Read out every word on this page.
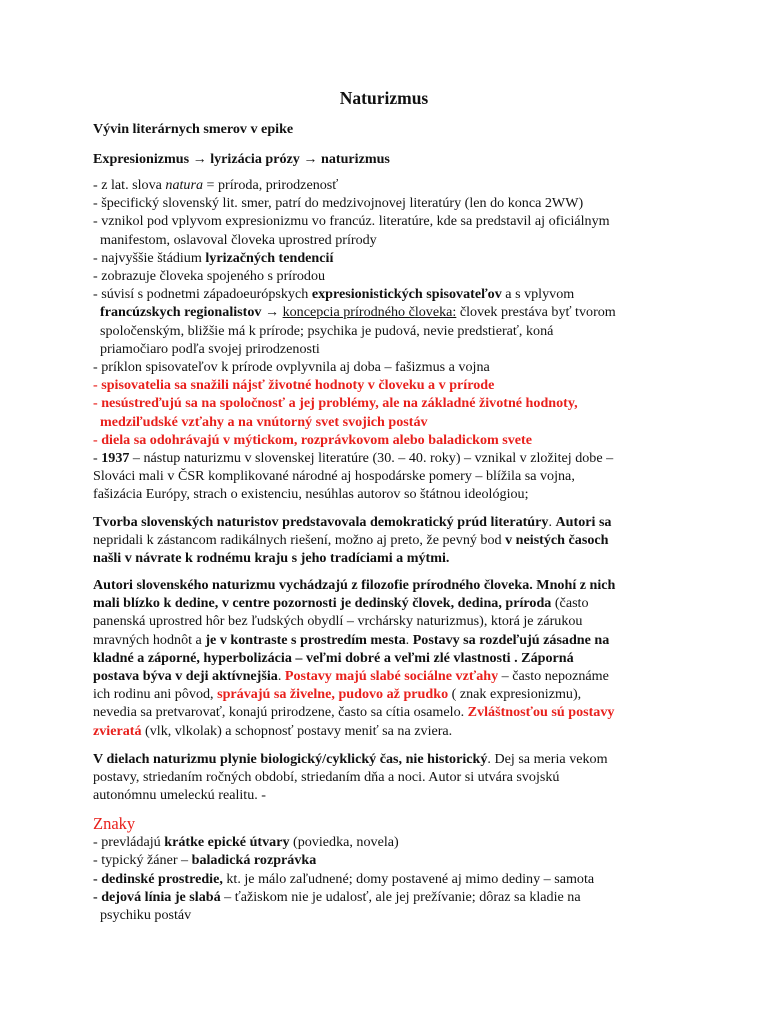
Naturizmus
Vývin literárnych smerov v epike
Expresionizmus → lyrizácia prózy → naturizmus
- z lat. slova natura = príroda, prirodzenosť
- špecifický slovenský lit. smer, patrí do medzivojnovej literatúry (len do konca 2WW)
- vznikol pod vplyvom expresionizmu vo francúz. literatúre, kde sa predstavil aj oficiálnym
manifestom, oslavoval človeka uprostred prírody
- najvyššie štádium lyrizačných tendencií
- zobrazuje človeka spojeného s prírodou
- súvisí s podnetmi západoeurópskych expresionistických spisovateľov a s vplyvom
francúzskych regionalistov → koncepcia prírodného človeka: človek prestáva byť tvorom
spoločenským, bližšie má k prírode; psychika je pudová, nevie predstierať, koná
priamočiaro podľa svojej prirodzenosti
- príklon spisovateľov k prírode ovplyvnila aj doba – fašizmus a vojna
- spisovatelia sa snažili nájsť životné hodnoty v človeku a v prírode
- nesústreďujú sa na spoločnosť a jej problémy, ale na základné životné hodnoty,
medziľudské vzťahy a na vnútorný svet svojich postáv
- diela sa odohrávajú v mýtickom, rozprávkovom alebo baladickom svete
- 1937 – nástup naturizmu v slovenskej literatúre (30. – 40. roky) – vznikal v zložitej dobe –
Slováci mali v ČSR komplikované národné aj hospodárske pomery – blížila sa vojna,
fašizácia Európy, strach o existenciu, nesúhlas autorov so štátnou ideológiou;
Tvorba slovenských naturistov predstavovala demokratický prúd literatúry. Autori sa
nepridali k zástancom radikálnych riešení, možno aj preto, že pevný bod v neistých časoch
našli v návrate k rodnému kraju s jeho tradíciami a mýtmi.
Autori slovenského naturizmu vychádzajú z filozofie prírodného človeka. Mnohí z nich
mali blízko k dedine, v centre pozornosti je dedinský človek, dedina, príroda (často
panenská uprostred hôr bez ľudských obydlí – vrchársky naturizmus), ktorá je zárukou
mravných hodnôt a je v kontraste s prostredím mesta. Postavy sa rozdeľujú zásadne na
kladné a záporné, hyperbolizácia – veľmi dobré a veľmi zlé vlastnosti . Záporná
postava býva v deji aktívnejšia. Postavy majú slabé sociálne vzťahy – často nepoznáme
ich rodinu ani pôvod, správajú sa živelne, pudovo až prudko ( znak expresionizmu),
nevedia sa pretvarovať, konajú prirodzene, často sa cítia osamelo. Zvláštnosťou sú postavy
zvieratá (vlk, vlkolak) a schopnosť postavy meniť sa na zviera.
V dielach naturizmu plynie biologický/cyklický čas, nie historický. Dej sa meria vekom
postavy, striedaním ročných období, striedaním dňa a noci. Autor si utvára svojskú
autonómnu umeleckú realitu. -
Znaky
- prevládajú krátke epické útvary (poviedka, novela)
- typický žáner – baladická rozprávka
- dedinské prostredie, kt. je málo zaľudnené; domy postavené aj mimo dediny – samota
- dejová línia je slabá – ťažiskom nie je udalosť, ale jej prežívanie; dôraz sa kladie na
psychiku postáv
